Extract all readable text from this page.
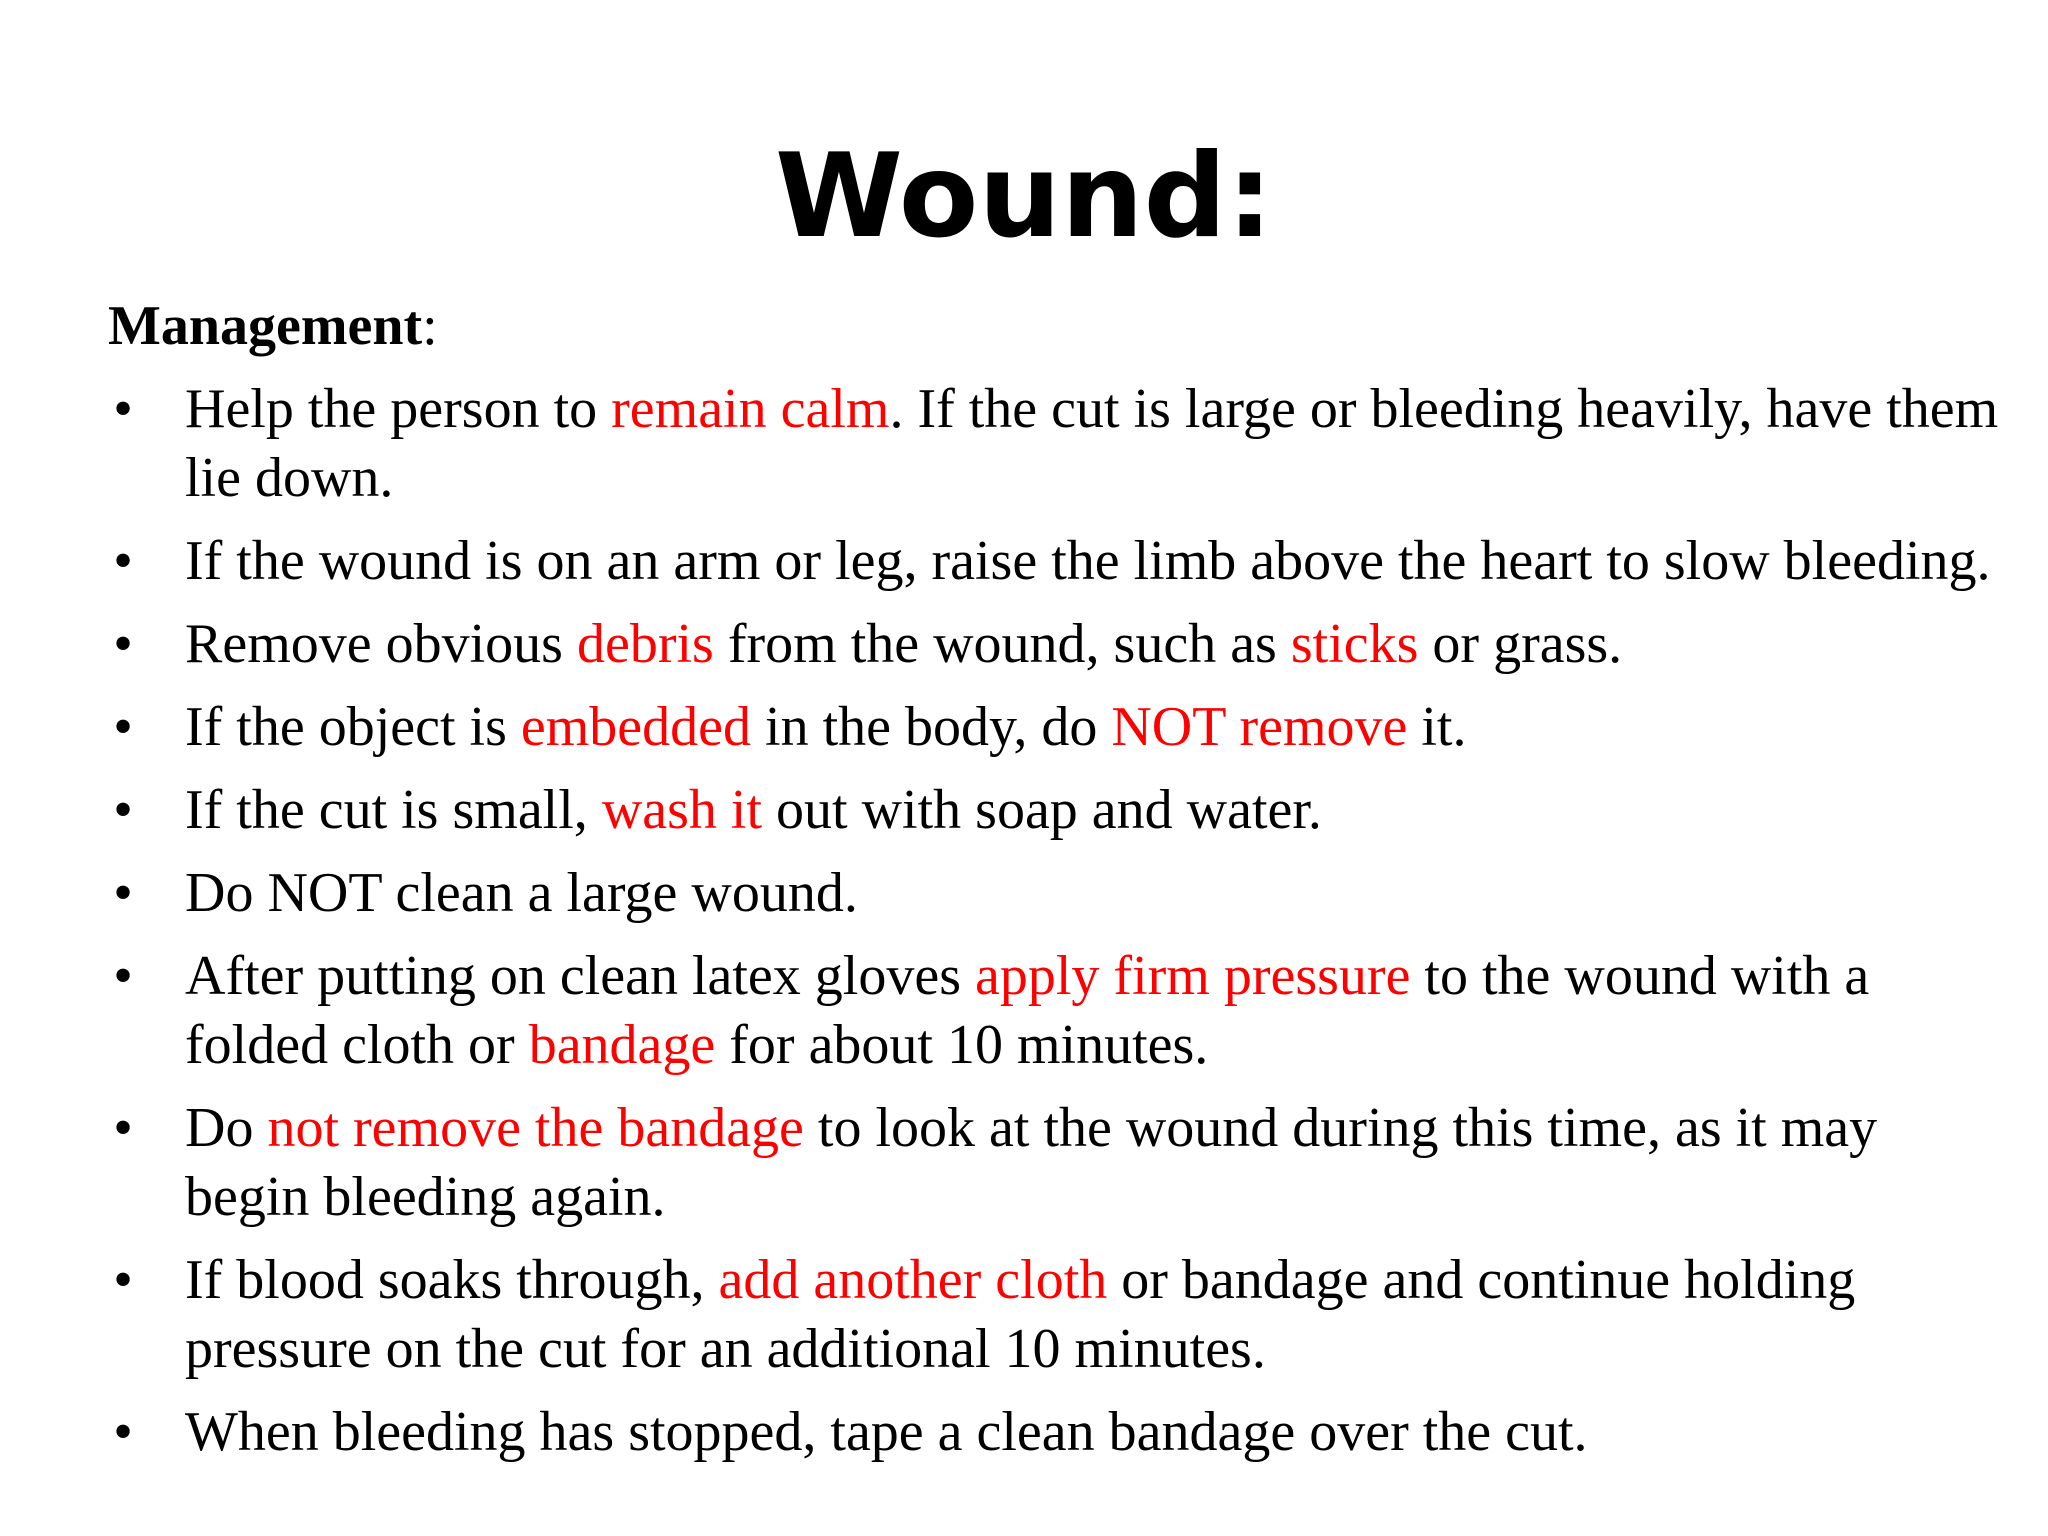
Wound:
Management:
• Help the person to remain calm. If the cut is large or bleeding heavily, have them lie down.
• If the wound is on an arm or leg, raise the limb above the heart to slow bleeding.
• Remove obvious debris from the wound, such as sticks or grass.
• If the object is embedded in the body, do NOT remove it.
• If the cut is small, wash it out with soap and water.
• Do NOT clean a large wound.
• After putting on clean latex gloves apply firm pressure to the wound with a folded cloth or bandage for about 10 minutes.
• Do not remove the bandage to look at the wound during this time, as it may begin bleeding again.
• If blood soaks through, add another cloth or bandage and continue holding pressure on the cut for an additional 10 minutes.
• When bleeding has stopped, tape a clean bandage over the cut.
